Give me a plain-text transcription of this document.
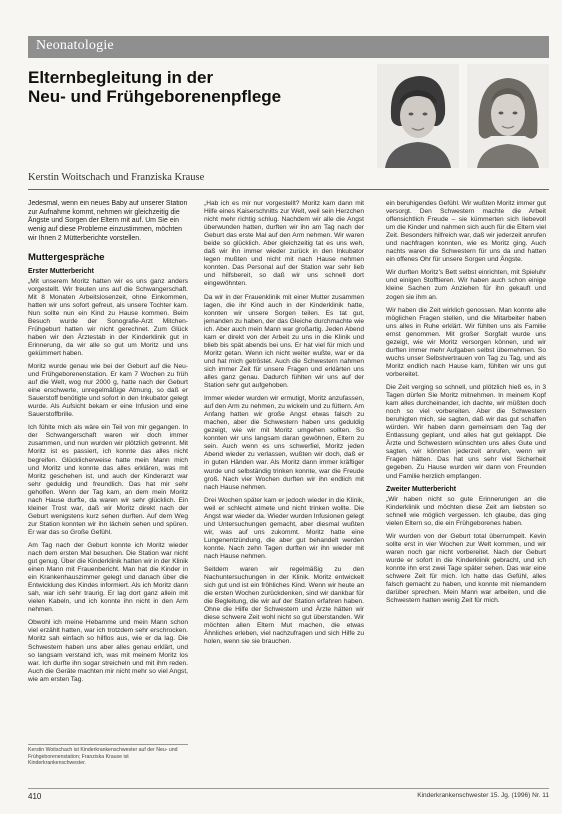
Neonatologie
Elternbegleitung in der
Neu- und Frühgeborenenpflege
Kerstin Woitschach und Franziska Krause

Jedesmal, wenn ein neues Baby auf unserer Station zur Aufnahme kommt, nehmen wir gleichzeitig die Ängste und Sorgen der Eltern mit auf. Um Sie ein wenig auf diese Probleme einzustimmen, möchten wir Ihnen 2 Mütterberichte vorstellen.

Muttergespräche
Erster Mutterbericht

„Mit unserem Moritz hatten wir es uns ganz anders vorgestellt. Wir freuten uns auf die Schwangerschaft. Mit 8 Monaten Arbeitslosenzeit, ohne Einkommen, hatten wir uns sofort gefreut, als unsere Tochter kam. Nun sollte nun ein Kind zu Hause kommen. Beim Besuch wurde der Sonografie-Arzt Mitchen-Frühgeburt hatten wir nicht gerechnet. Zum Glück haben wir den Ärztestab in der Kinderklinik gut in Erinnerung, da wir alle so gut um Moritz und uns gekümmert haben.

Moritz wurde genau wie bei der Geburt auf die Neu- und Frühgeborenenstation. Er kam 7 Wochen zu früh auf die Welt, wog nur 2000 g, hatte nach der Geburt eine erschwerte, unregelmäßige Atmung, so daß er Sauerstoff benötigte und sofort in den Inkubator gelegt wurde. Als Aufsicht bekam er eine Infusion und eine Sauerstoffbrille.

Ich fühlte mich als wäre ein Teil von mir gegangen. In der Schwangerschaft waren wir doch immer zusammen, und nun wurden wir plötzlich getrennt. Mit Moritz ist es passiert, ich konnte das alles nicht begreifen. Glücklicherweise hatte mein Mann mich und Moritz und konnte das alles erklären, was mit Moritz geschehen ist, und auch der Kinderarzt war sehr geduldig und freundlich. Das hat mir sehr geholfen. Wenn der Tag kam, an dem mein Moritz nach Hause durfte, da waren wir sehr glücklich. Ein kleiner Trost war, daß wir Moritz direkt nach der Geburt wenigstens kurz sehen durften. Auf dem Weg zur Station konnten wir ihn lächeln sehen und spüren. Er war das so Große Gefühl.

Am Tag nach der Geburt konnte ich Moritz wieder nach dem ersten Mal besuchen. Die Station war nicht gut genug. Über die Kinderklinik hatten wir in der Klinik einen Mann mit Frauenbericht. Man hat die Kinder in ein Krankenhauszimmer gelegt und danach über die Entwicklung des Kindes informiert. Als ich Moritz dann sah, war ich sehr traurig. Er lag dort ganz allein mit vielen Kabeln, und ich konnte ihn nicht in den Arm nehmen.

Obwohl ich meine Hebamme und mein Mann schon viel erzählt hatten, war ich trotzdem sehr erschrocken. Moritz sah einfach so hilflos aus, wie er da lag. Die Schwestern haben uns aber alles genau erklärt, und so langsam verstand ich, was mit meinem Moritz los war. Ich durfte ihn sogar streicheln und mit ihm reden. Auch die Geräte machten mir nicht mehr so viel Angst, wie am ersten Tag.

„Hab ich es mir nur vorgestellt? Moritz kam dann mit Hilfe eines Kaiserschnitts zur Welt, weil sein Herzchen nicht mehr richtig schlug. Nachdem wir alle die Angst überwunden hatten, durften wir ihn am Tag nach der Geburt das erste Mal auf den Arm nehmen. Wir waren beide so glücklich. Aber gleichzeitig tat es uns weh, daß wir ihn immer wieder zurück in den Inkubator legen mußten und nicht mit nach Hause nehmen konnten. Das Personal auf der Station war sehr lieb und hilfsbereit, so daß wir uns schnell dort eingewöhnten.

Da wir in der Frauenklinik mit einer Mutter zusammen lagen, die ihr Kind auch in der Kinderklinik hatte, konnten wir unsere Sorgen teilen. Es tat gut, jemanden zu haben, der das Gleiche durchmachte wie ich. Aber auch mein Mann war großartig. Jeden Abend kam er direkt von der Arbeit zu uns in die Klinik und blieb bis spät abends bei uns. Er hat viel für mich und Moritz getan. Wenn ich nicht weiter wußte, war er da und hat mich getröstet. Auch die Schwestern nahmen sich immer Zeit für unsere Fragen und erklärten uns alles ganz genau. Dadurch fühlten wir uns auf der Station sehr gut aufgehoben.

Immer wieder wurden wir ermutigt, Moritz anzufassen, auf den Arm zu nehmen, zu wickeln und zu füttern. Am Anfang hatten wir große Angst etwas falsch zu machen, aber die Schwestern haben uns geduldig gezeigt, wie wir mit Moritz umgehen sollten. So konnten wir uns langsam daran gewöhnen, Eltern zu sein. Auch wenn es uns schwerfiel, Moritz jeden Abend wieder zu verlassen, wußten wir doch, daß er in guten Händen war. Als Moritz dann immer kräftiger wurde und selbständig trinken konnte, war die Freude groß. Nach vier Wochen durften wir ihn endlich mit nach Hause nehmen.

Drei Wochen später kam er jedoch wieder in die Klinik, weil er schlecht atmete und nicht trinken wollte. Die Angst war wieder da. Wieder wurden Infusionen gelegt und Untersuchungen gemacht, aber diesmal wußten wir, was auf uns zukommt. Moritz hatte eine Lungenentzündung, die aber gut behandelt werden konnte. Nach zehn Tagen durften wir ihn wieder mit nach Hause nehmen.

Seitdem waren wir regelmäßig zu den Nachuntersuchungen in der Klinik. Moritz entwickelt sich gut und ist ein fröhliches Kind. Wenn wir heute an die ersten Wochen zurückdenken, sind wir dankbar für die Begleitung, die wir auf der Station erfahren haben. Ohne die Hilfe der Schwestern und Ärzte hätten wir diese schwere Zeit wohl nicht so gut überstanden. Wir möchten allen Eltern Mut machen, die etwas Ähnliches erleben, viel nachzufragen und sich Hilfe zu holen, wenn sie sie brauchen.

ein beruhigendes Gefühl. Wir wußten Moritz immer gut versorgt. Den Schwestern machte die Arbeit offensichtlich Freude – sie kümmerten sich liebevoll um die Kinder und nahmen sich auch für die Eltern viel Zeit. Besonders hilfreich war, daß wir jederzeit anrufen und nachfragen konnten, wie es Moritz ging. Auch nachts waren die Schwestern für uns da und hatten ein offenes Ohr für unsere Sorgen und Ängste.

Wir durften Moritz's Bett selbst einrichten, mit Spieluhr und einigen Stofftieren. Wir haben auch schon einige kleine Sachen zum Anziehen für ihn gekauft und zogen sie ihm an.

Wir haben die Zeit wirklich genossen. Man konnte alle möglichen Fragen stellen, und die Mitarbeiter haben uns alles in Ruhe erklärt. Wir fühlten uns als Familie ernst genommen. Mit großer Sorgfalt wurde uns gezeigt, wie wir Moritz versorgen können, und wir durften immer mehr Aufgaben selbst übernehmen. So wuchs unser Selbstvertrauen von Tag zu Tag, und als Moritz endlich nach Hause kam, fühlten wir uns gut vorbereitet.

Die Zeit verging so schnell, und plötzlich hieß es, in 3 Tagen dürfen Sie Moritz mitnehmen. In meinem Kopf kam alles durcheinander, ich dachte, wir müßten doch noch so viel vorbereiten. Aber die Schwestern beruhigten mich, sie sagten, daß wir das gut schaffen würden. Wir haben dann gemeinsam den Tag der Entlassung geplant, und alles hat gut geklappt. Die Ärzte und Schwestern wünschten uns alles Gute und sagten, wir könnten jederzeit anrufen, wenn wir Fragen hätten. Das hat uns sehr viel Sicherheit gegeben. Zu Hause wurden wir dann von Freunden und Familie herzlich empfangen.

Zweiter Mutterbericht

„Wir haben nicht so gute Erinnerungen an die Kinderklinik und möchten diese Zeit am liebsten so schnell wie möglich vergessen. Ich glaube, das ging vielen Eltern so, die ein Frühgeborenes haben.

Wir wurden von der Geburt total überrumpelt. Kevin sollte erst in vier Wochen zur Welt kommen, und wir waren noch gar nicht vorbereitet. Nach der Geburt wurde er sofort in die Kinderklinik gebracht, und ich konnte ihn erst zwei Tage später sehen. Das war eine schwere Zeit für mich. Ich hatte das Gefühl, alles falsch gemacht zu haben, und konnte mit niemandem darüber sprechen. Mein Mann war arbeiten, und die Schwestern hatten wenig Zeit für mich.

Kerstin Woitschach ist Kinderkrankenschwester auf der Neu- und Frühgeborenenstation; Franziska Krause ist Kinderkrankenschwester.
410	Kinderkrankenschwester 15. Jg. (1996) Nr. 11
